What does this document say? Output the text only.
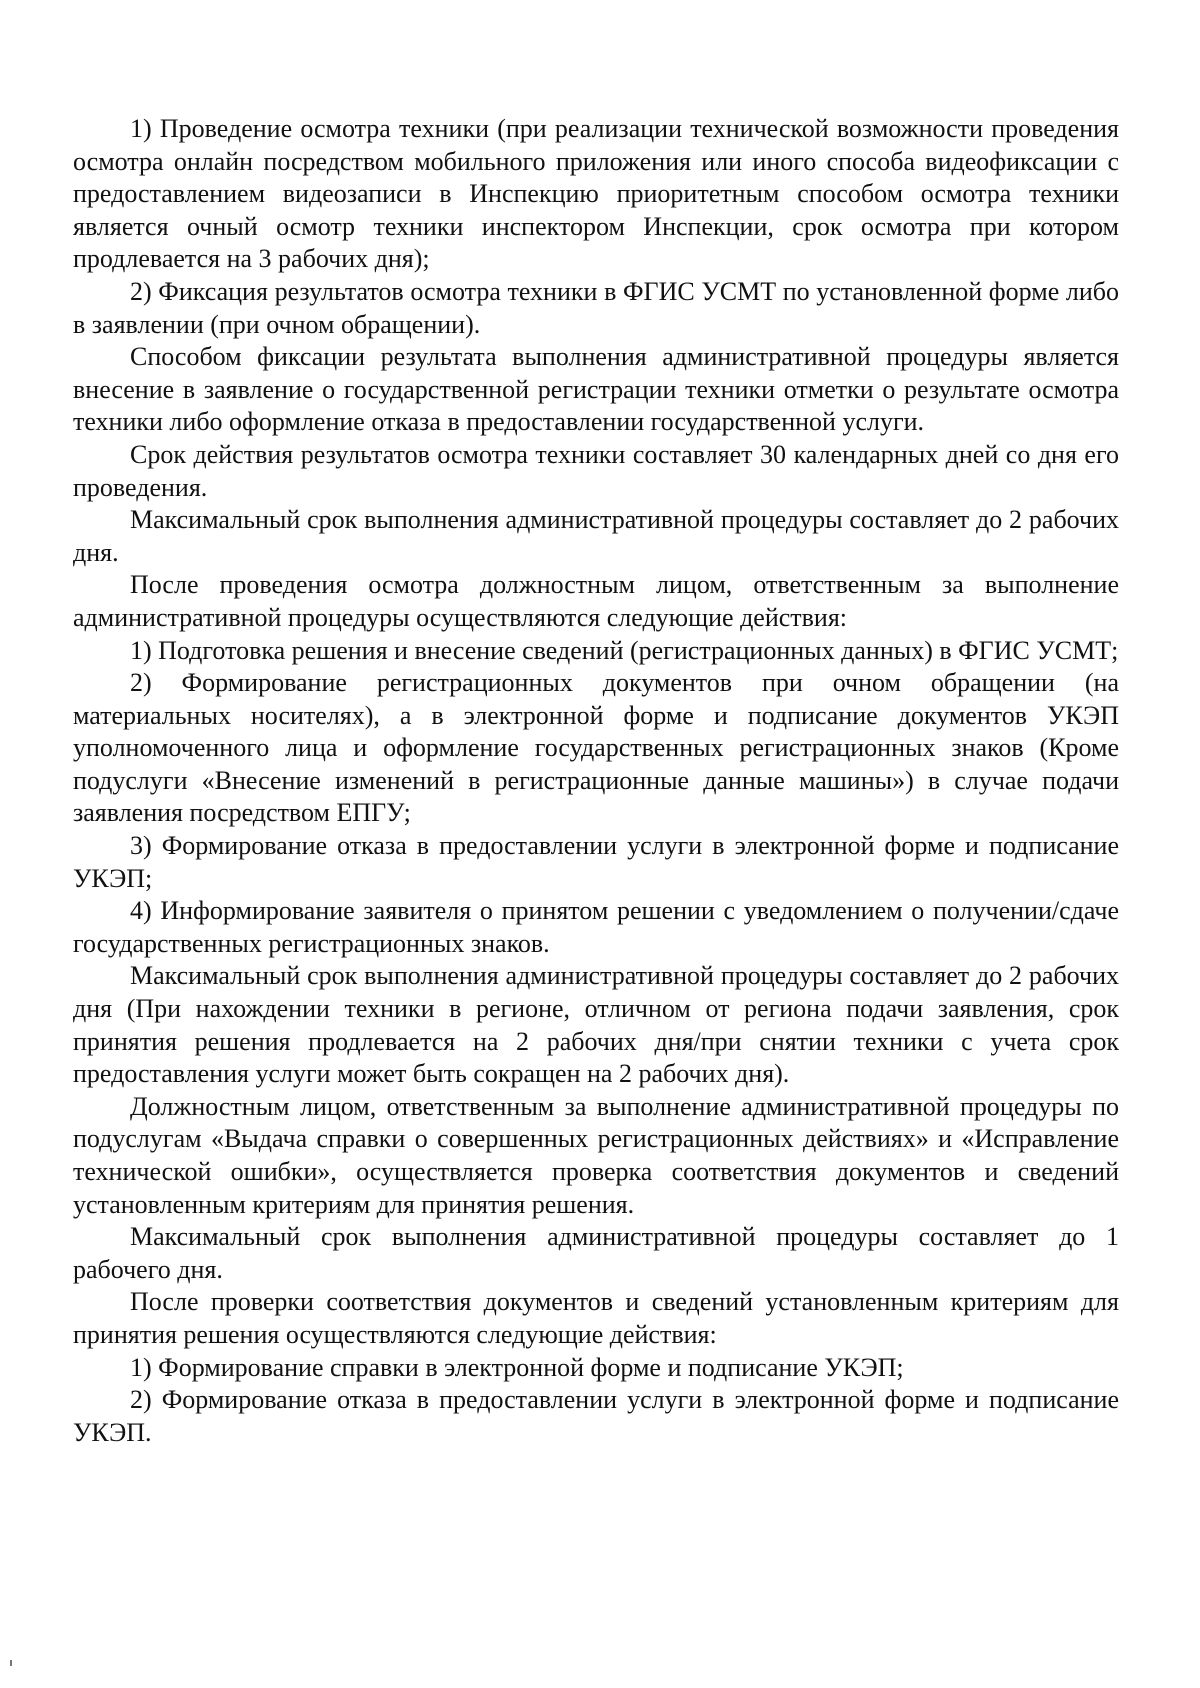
1) Проведение осмотра техники (при реализации технической возможности проведения осмотра онлайн посредством мобильного приложения или иного способа видеофиксации с предоставлением видеозаписи в Инспекцию приоритетным способом осмотра техники является очный осмотр техники инспектором Инспекции, срок осмотра при котором продлевается на 3 рабочих дня);

2) Фиксация результатов осмотра техники в ФГИС УСМТ по установленной форме либо в заявлении (при очном обращении).

Способом фиксации результата выполнения административной процедуры является внесение в заявление о государственной регистрации техники отметки о результате осмотра техники либо оформление отказа в предоставлении государственной услуги.

Срок действия результатов осмотра техники составляет 30 календарных дней со дня его проведения.

Максимальный срок выполнения административной процедуры составляет до 2 рабочих дня.

После проведения осмотра должностным лицом, ответственным за выполнение административной процедуры осуществляются следующие действия:

1) Подготовка решения и внесение сведений (регистрационных данных) в ФГИС УСМТ;

2) Формирование регистрационных документов при очном обращении (на материальных носителях), а в электронной форме и подписание документов УКЭП уполномоченного лица и оформление государственных регистрационных знаков (Кроме подуслуги «Внесение изменений в регистрационные данные машины») в случае подачи заявления посредством ЕПГУ;

3) Формирование отказа в предоставлении услуги в электронной форме и подписание УКЭП;

4) Информирование заявителя о принятом решении с уведомлением о получении/сдаче государственных регистрационных знаков.

Максимальный срок выполнения административной процедуры составляет до 2 рабочих дня (При нахождении техники в регионе, отличном от региона подачи заявления, срок принятия решения продлевается на 2 рабочих дня/при снятии техники с учета срок предоставления услуги может быть сокращен на 2 рабочих дня).

Должностным лицом, ответственным за выполнение административной процедуры по подуслугам «Выдача справки о совершенных регистрационных действиях» и «Исправление технической ошибки», осуществляется проверка соответствия документов и сведений установленным критериям для принятия решения.

Максимальный срок выполнения административной процедуры составляет до 1 рабочего дня.

После проверки соответствия документов и сведений установленным критериям для принятия решения осуществляются следующие действия:

1) Формирование справки в электронной форме и подписание УКЭП;

2) Формирование отказа в предоставлении услуги в электронной форме и подписание УКЭП.
